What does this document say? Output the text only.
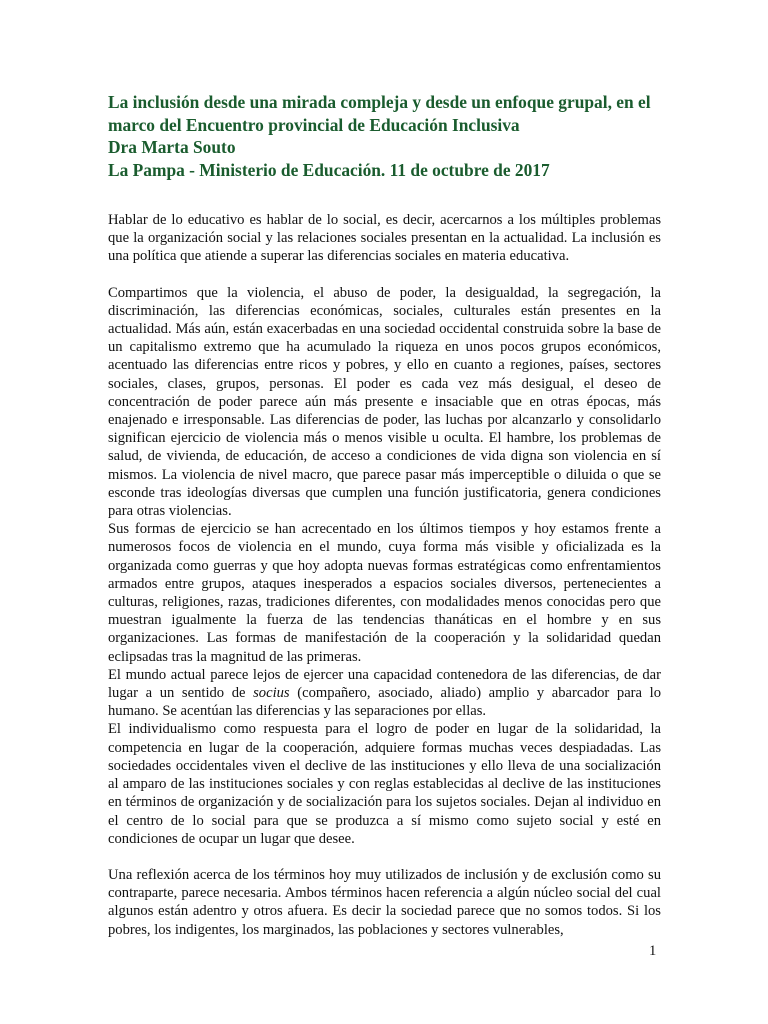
La inclusión desde una mirada compleja y desde un enfoque grupal, en el
marco del Encuentro provincial de Educación Inclusiva
Dra Marta Souto
La Pampa - Ministerio de Educación. 11 de octubre de 2017

Hablar de lo educativo es hablar de lo social, es decir, acercarnos a los múltiples problemas que la organización social y las relaciones sociales presentan en la actualidad. La inclusión es una política que atiende a superar las diferencias sociales en materia educativa.

Compartimos que la violencia, el abuso de poder, la desigualdad, la segregación, la discriminación, las diferencias económicas, sociales, culturales están presentes en la actualidad. Más aún, están exacerbadas en una sociedad occidental construida sobre la base de un capitalismo extremo que ha acumulado la riqueza en unos pocos grupos económicos, acentuado las diferencias entre ricos y pobres, y ello en cuanto a regiones, países, sectores sociales, clases, grupos, personas. El poder es cada vez más desigual, el deseo de concentración de poder parece aún más presente e insaciable que en otras épocas, más enajenado e irresponsable. Las diferencias de poder, las luchas por alcanzarlo y consolidarlo significan ejercicio de violencia más o menos visible u oculta. El hambre, los problemas de salud, de vivienda, de educación, de acceso a condiciones de vida digna son violencia en sí mismos. La violencia de nivel macro, que parece pasar más imperceptible o diluida o que se esconde tras ideologías diversas que cumplen una función justificatoria, genera condiciones para otras violencias.

Sus formas de ejercicio se han acrecentado en los últimos tiempos y hoy estamos frente a numerosos focos de violencia en el mundo, cuya forma más visible y oficializada es la organizada como guerras y que hoy adopta nuevas formas estratégicas como enfrentamientos armados entre grupos, ataques inesperados a espacios sociales diversos, pertenecientes a culturas, religiones, razas, tradiciones diferentes, con modalidades menos conocidas pero que muestran igualmente la fuerza de las tendencias thanáticas en el hombre y en sus organizaciones. Las formas de manifestación de la cooperación y la solidaridad quedan eclipsadas tras la magnitud de las primeras.

El mundo actual parece lejos de ejercer una capacidad contenedora de las diferencias, de dar lugar a un sentido de socius (compañero, asociado, aliado) amplio y abarcador para lo humano. Se acentúan las diferencias y las separaciones por ellas.

El individualismo como respuesta para el logro de poder en lugar de la solidaridad, la competencia en lugar de la cooperación, adquiere formas muchas veces despiadadas. Las sociedades occidentales viven el declive de las instituciones y ello lleva de una socialización al amparo de las instituciones sociales y con reglas establecidas al declive de las instituciones en términos de organización y de socialización para los sujetos sociales. Dejan al individuo en el centro de lo social para que se produzca a sí mismo como sujeto social y esté en condiciones de ocupar un lugar que desee.

Una reflexión acerca de los términos hoy muy utilizados de inclusión y de exclusión como su contraparte, parece necesaria. Ambos términos hacen referencia a algún núcleo social del cual algunos están adentro y otros afuera. Es decir la sociedad parece que no somos todos. Si los pobres, los indigentes, los marginados, las poblaciones y sectores vulnerables,

1
